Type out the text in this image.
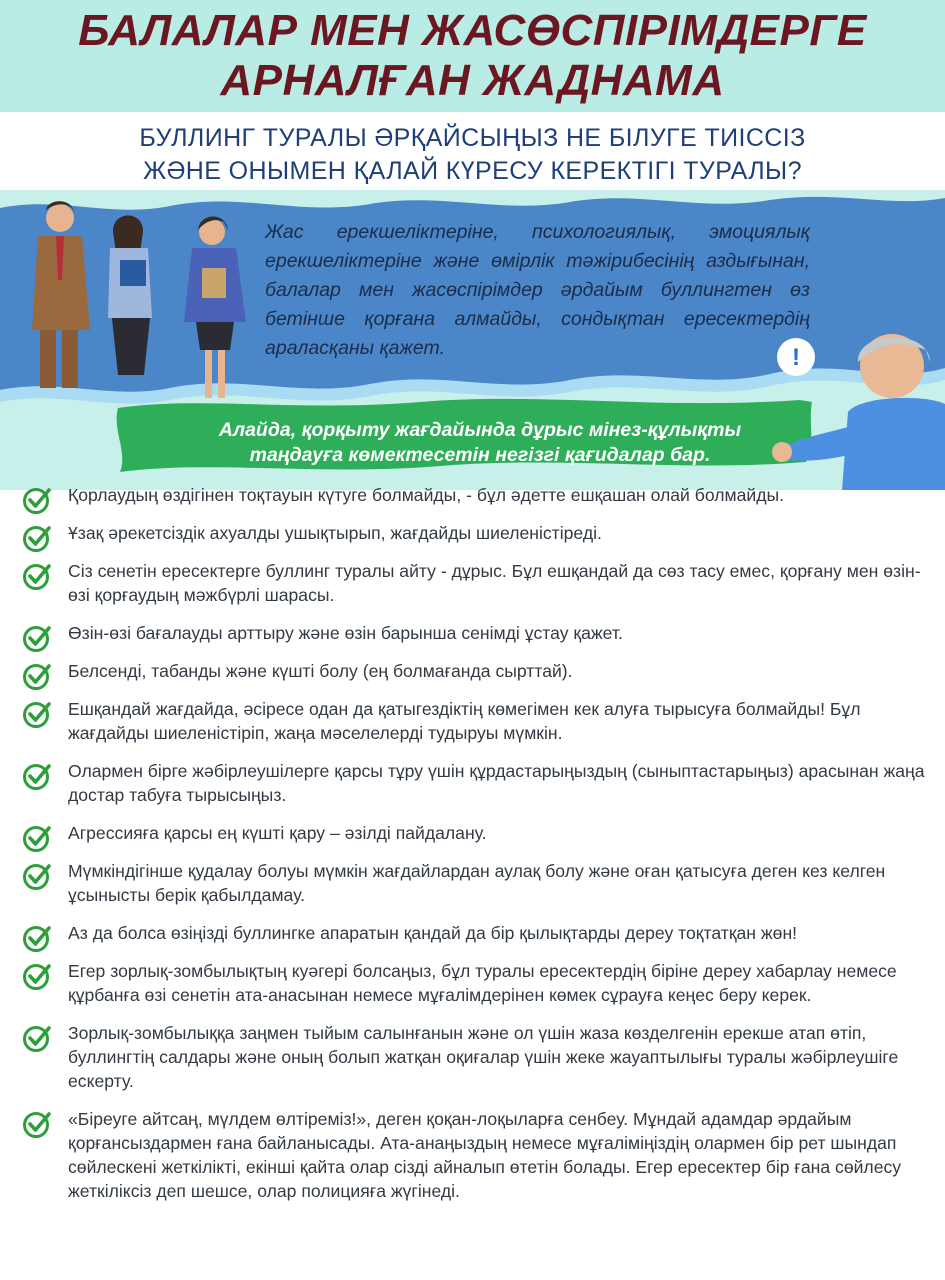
БАЛАЛАР МЕН ЖАСӨСПІРІМДЕРГЕ
АРНАЛҒАН ЖАДНАМА

БУЛЛИНГ ТУРАЛЫ ӘРҚАЙСЫҢЫЗ НЕ БІЛУГЕ ТИІССІЗ
ЖӘНЕ ОНЫМЕН ҚАЛАЙ КҮРЕСУ КЕРЕКТІГІ ТУРАЛЫ?

!

Жас ерекшеліктеріне, психологиялық, эмоциялық ерекшеліктеріне және өмірлік тәжірибесінің аздығынан, балалар мен жасөспірімдер әрдайым буллингтен өз бетінше қорғана алмайды, сондықтан ересектердің араласқаны қажет.

Алайда, қорқыту жағдайында дұрыс мінез-құлықты
таңдауға көмектесетін негізгі қағидалар бар.

Қорлаудың өздігінен тоқтауын күтуге болмайды, - бұл әдетте ешқашан олай болмайды.
Ұзақ әрекетсіздік ахуалды ушықтырып, жағдайды шиеленістіреді.
Сіз сенетін ересектерге буллинг туралы айту - дұрыс. Бұл ешқандай да сөз тасу емес, қорғану мен өзін-өзі қорғаудың мәжбүрлі шарасы.
Өзін-өзі бағалауды арттыру және өзін барынша сенімді ұстау қажет.
Белсенді, табанды және күшті болу (ең болмағанда сырттай).
Ешқандай жағдайда, әсіресе одан да қатыгездіктің көмегімен кек алуға тырысуға болмайды! Бұл жағдайды шиеленістіріп, жаңа мәселелерді тудыруы мүмкін.
Олармен бірге жәбірлеушілерге қарсы тұру үшін құрдастарыңыздың (сыныптастарыңыз) арасынан жаңа достар табуға тырысыңыз.
Агрессияға қарсы ең күшті қару – әзілді пайдалану.
Мүмкіндігінше қудалау болуы мүмкін жағдайлардан аулақ болу және оған қатысуға деген кез келген ұсынысты берік қабылдамау.
Аз да болса өзіңізді буллингке апаратын қандай да бір қылықтарды дереу тоқтатқан жөн!
Егер зорлық-зомбылықтың куәгері болсаңыз, бұл туралы ересектердің біріне дереу хабарлау немесе құрбанға өзі сенетін ата-анасынан немесе мұғалімдерінен көмек сұрауға кеңес беру керек.
Зорлық-зомбылыққа заңмен тыйым салынғанын және ол үшін жаза көзделгенін ерекше атап өтіп, буллингтің салдары және оның болып жатқан оқиғалар үшін жеке жауаптылығы туралы жәбірлеушіге ескерту.
«Біреуге айтсаң, мүлдем өлтіреміз!», деген қоқан-лоқыларға сенбеу. Мұндай адамдар әрдайым қорғансыздармен ғана байланысады. Ата-анаңыздың немесе мұғаліміңіздің олармен бір рет шындап сөйлескені жеткілікті, екінші қайта олар сізді айналып өтетін болады. Егер ересектер бір ғана сөйлесу жеткіліксіз деп шешсе, олар полицияға жүгінеді.
